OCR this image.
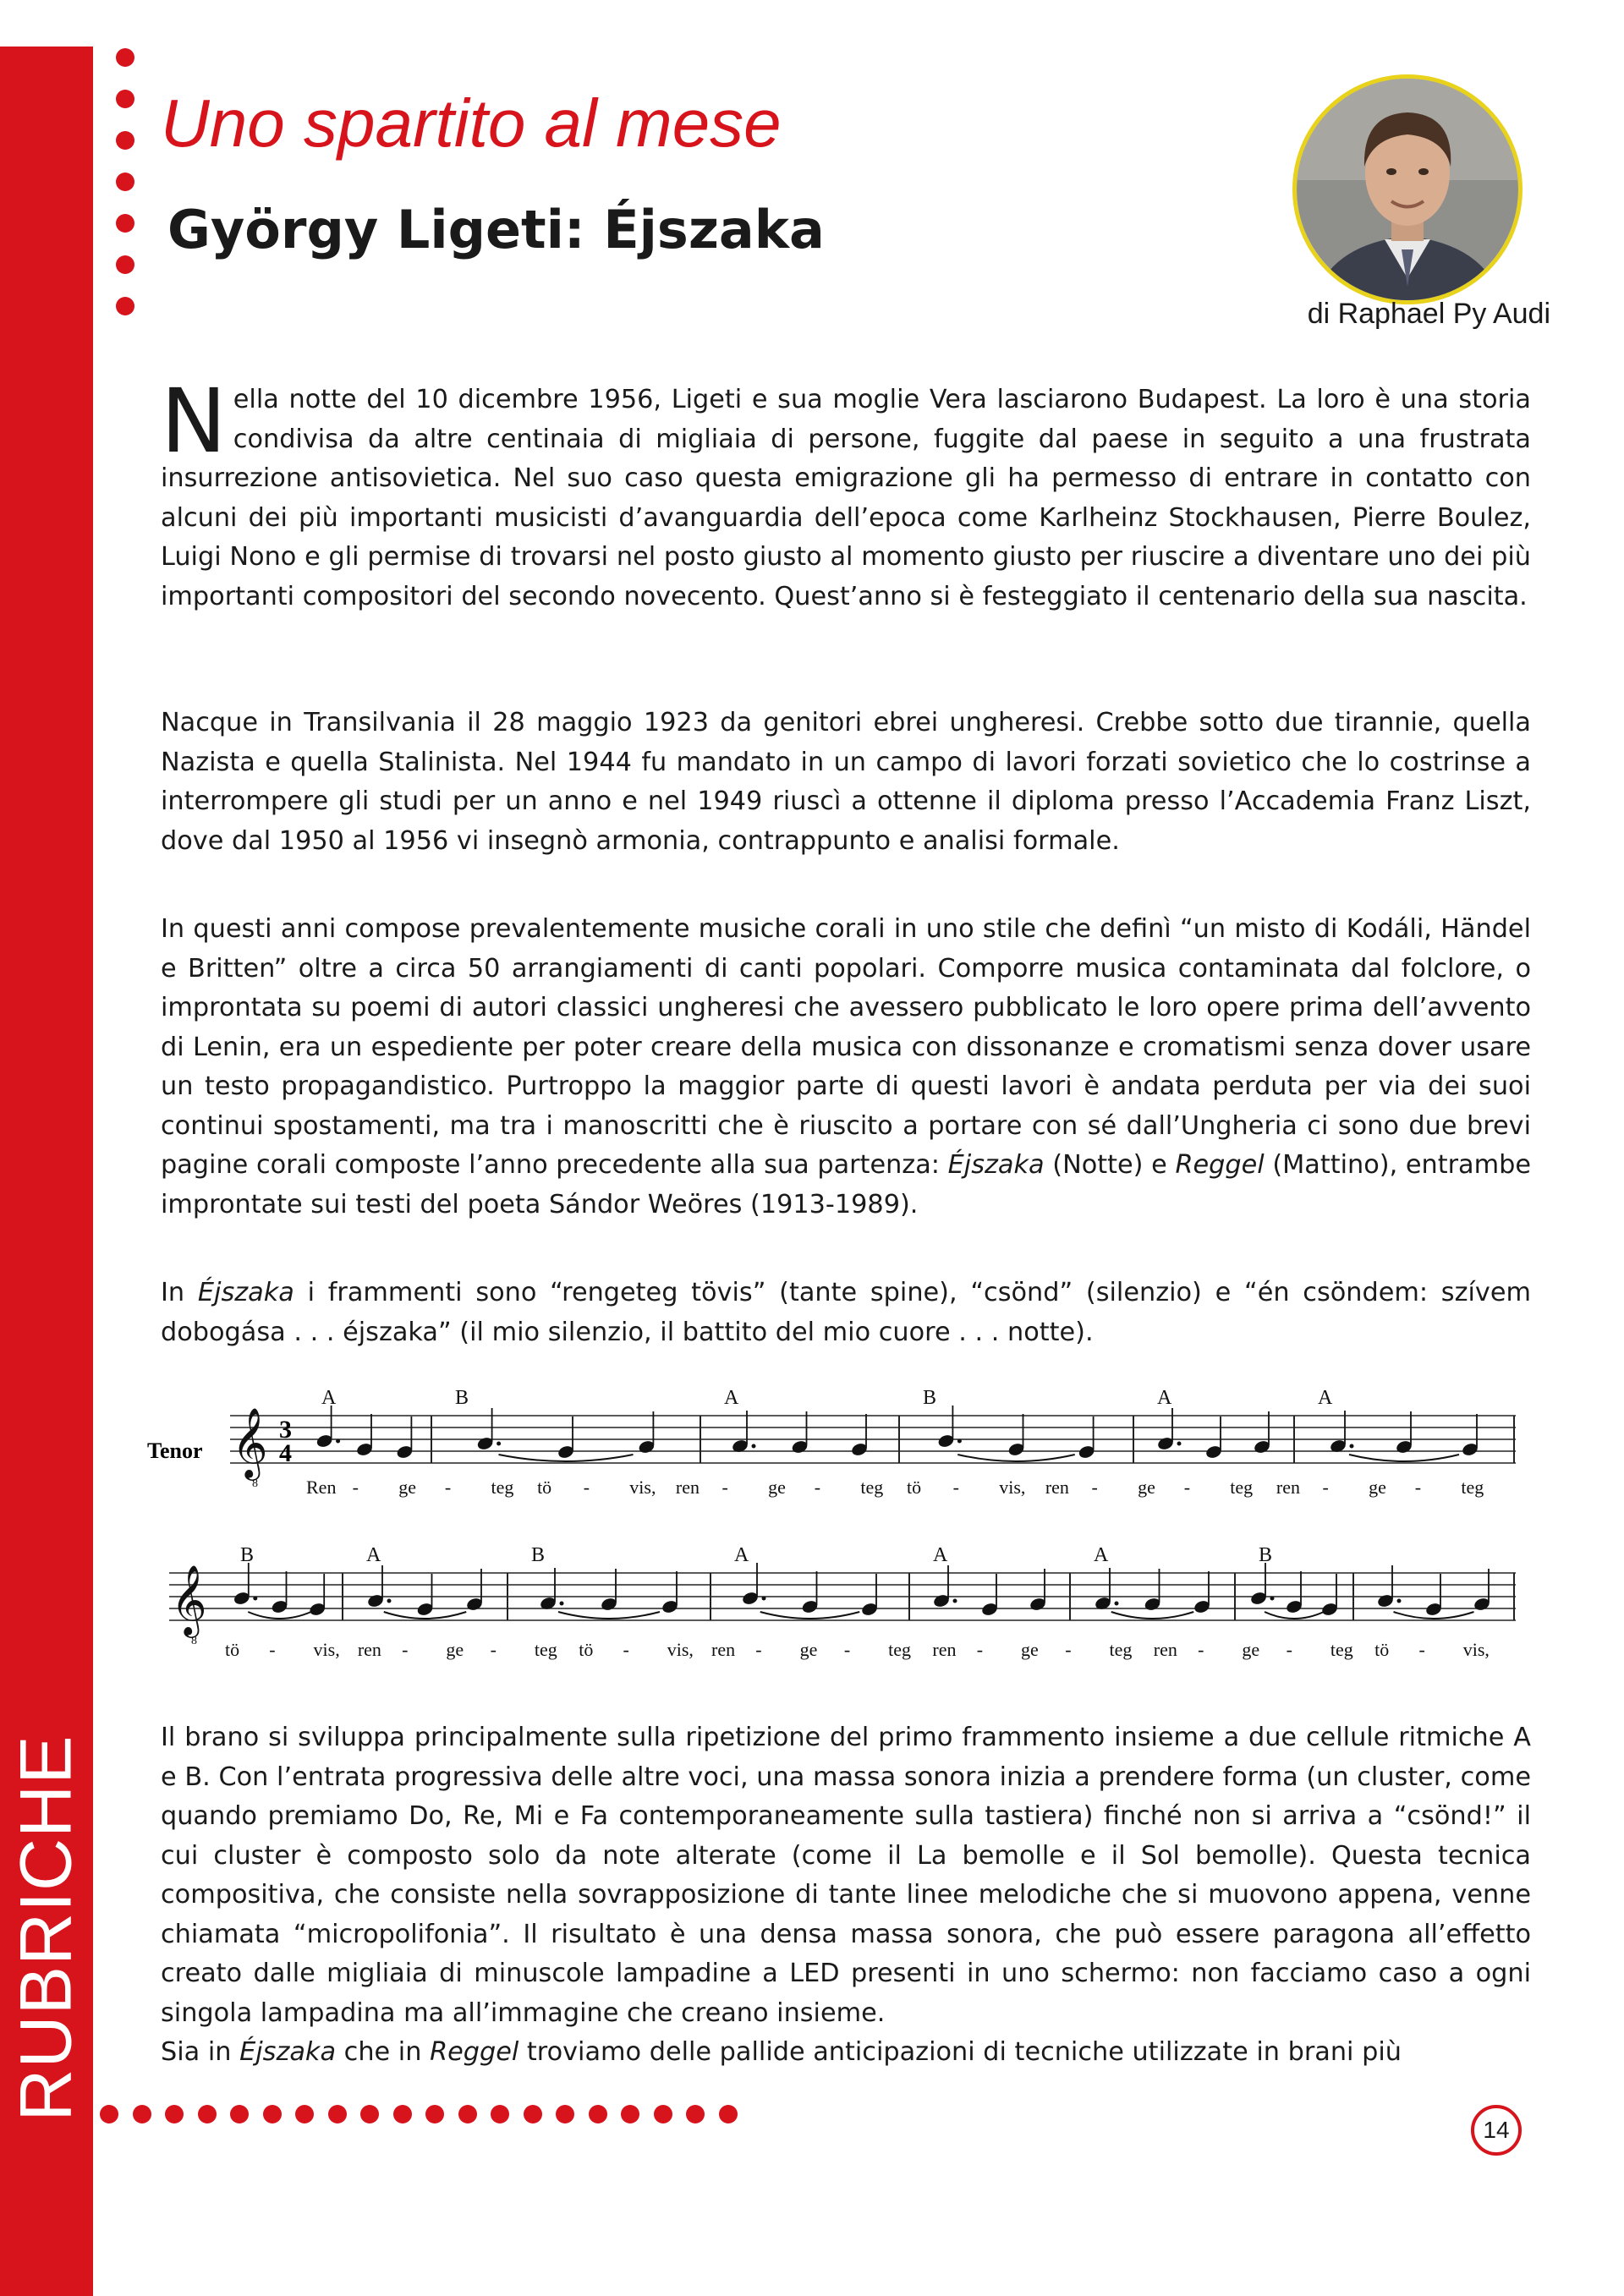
RUBRICHE
Uno spartito al mese
György Ligeti: Éjszaka
di Raphael Py Audi

Nella notte del 10 dicembre 1956, Ligeti e sua moglie Vera lasciarono Budapest. La loro è una storia condivisa da altre centinaia di migliaia di persone, fuggite dal paese in seguito a una frustrata insurrezione antisovietica. Nel suo caso questa emigrazione gli ha permesso di entrare in contatto con alcuni dei più importanti musicisti d’avanguardia dell’epoca come Karlheinz Stockhausen, Pierre Boulez, Luigi Nono e gli permise di trovarsi nel posto giusto al momento giusto per riuscire a diventare uno dei più importanti compositori del secondo novecento. Quest’anno si è festeggiato il centenario della sua nascita.

Nacque in Transilvania il 28 maggio 1923 da genitori ebrei ungheresi. Crebbe sotto due tirannie, quella Nazista e quella Stalinista. Nel 1944 fu mandato in un campo di lavori forzati sovietico che lo costrinse a interrompere gli studi per un anno e nel 1949 riuscì a ottenne il diploma presso l’Accademia Franz Liszt, dove dal 1950 al 1956 vi insegnò armonia, contrappunto e analisi formale.

In questi anni compose prevalentemente musiche corali in uno stile che definì “un misto di Kodáli, Händel e Britten” oltre a circa 50 arrangiamenti di canti popolari. Comporre musica contaminata dal folclore, o improntata su poemi di autori classici ungheresi che avessero pubblicato le loro opere prima dell’avvento di Lenin, era un espediente per poter creare della musica con dissonanze e cromatismi senza dover usare un testo propagandistico. Purtroppo la maggior parte di questi lavori è andata perduta per via dei suoi continui spostamenti, ma tra i manoscritti che è riuscito a portare con sé dall’Ungheria ci sono due brevi pagine corali composte l’anno precedente alla sua partenza: Éjszaka (Notte) e Reggel (Mattino), entrambe improntate sui testi del poeta Sándor Weöres (1913-1989).

In Éjszaka i frammenti sono “rengeteg tövis” (tante spine), “csönd” (silenzio) e “én csöndem: szívem dobogása . . . éjszaka” (il mio silenzio, il battito del mio cuore . . . notte).

Tenor 𝄞
8
3
4
A	B	A	B	A	A
Ren - ge - teg tö - vis, ren - ge - teg tö - vis, ren - ge - teg ren - ge - teg
𝄞
8
B	A	B	A	A	A	B
tö - vis, ren - ge - teg tö - vis, ren - ge - teg ren - ge - teg ren - ge - teg tö - vis,

Il brano si sviluppa principalmente sulla ripetizione del primo frammento insieme a due cellule ritmiche A e B. Con l’entrata progressiva delle altre voci, una massa sonora inizia a prendere forma (un cluster, come quando premiamo Do, Re, Mi e Fa contemporaneamente sulla tastiera) finché non si arriva a “csönd!” il cui cluster è composto solo da note alterate (come il La bemolle e il Sol bemolle). Questa tecnica compositiva, che consiste nella sovrapposizione di tante linee melodiche che si muovono appena, venne chiamata “micropolifonia”. Il risultato è una densa massa sonora, che può essere paragona all’effetto creato dalle migliaia di minuscole lampadine a LED presenti in uno schermo: non facciamo caso a ogni singola lampadina ma all’immagine che creano insieme.

Sia in Éjszaka che in Reggel troviamo delle pallide anticipazioni di tecniche utilizzate in brani più

14
